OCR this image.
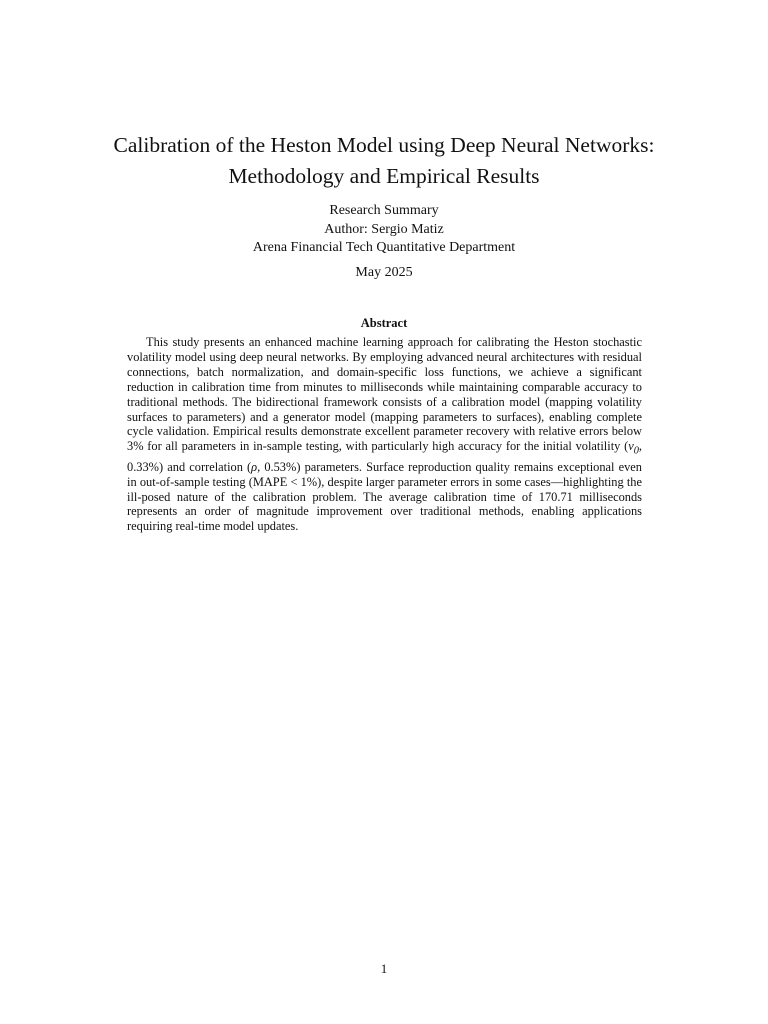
Calibration of the Heston Model using Deep Neural Networks:
Methodology and Empirical Results
Research Summary
Author: Sergio Matiz
Arena Financial Tech Quantitative Department
May 2025
Abstract

This study presents an enhanced machine learning approach for calibrating the Heston stochastic volatility model using deep neural networks. By employing advanced neural architectures with residual connections, batch normalization, and domain-specific loss functions, we achieve a significant reduction in calibration time from minutes to milliseconds while maintaining comparable accuracy to traditional methods. The bidirectional framework consists of a calibration model (mapping volatility surfaces to parameters) and a generator model (mapping parameters to surfaces), enabling complete cycle validation. Empirical results demonstrate excellent parameter recovery with relative errors below 3% for all parameters in in-sample testing, with particularly high accuracy for the initial volatility ($v_0$, 0.33%) and correlation (ρ, 0.53%) parameters. Surface reproduction quality remains exceptional even in out-of-sample testing (MAPE < 1%), despite larger parameter errors in some cases—highlighting the ill-posed nature of the calibration problem. The average calibration time of 170.71 milliseconds represents an order of magnitude improvement over traditional methods, enabling applications requiring real-time model updates.

1
